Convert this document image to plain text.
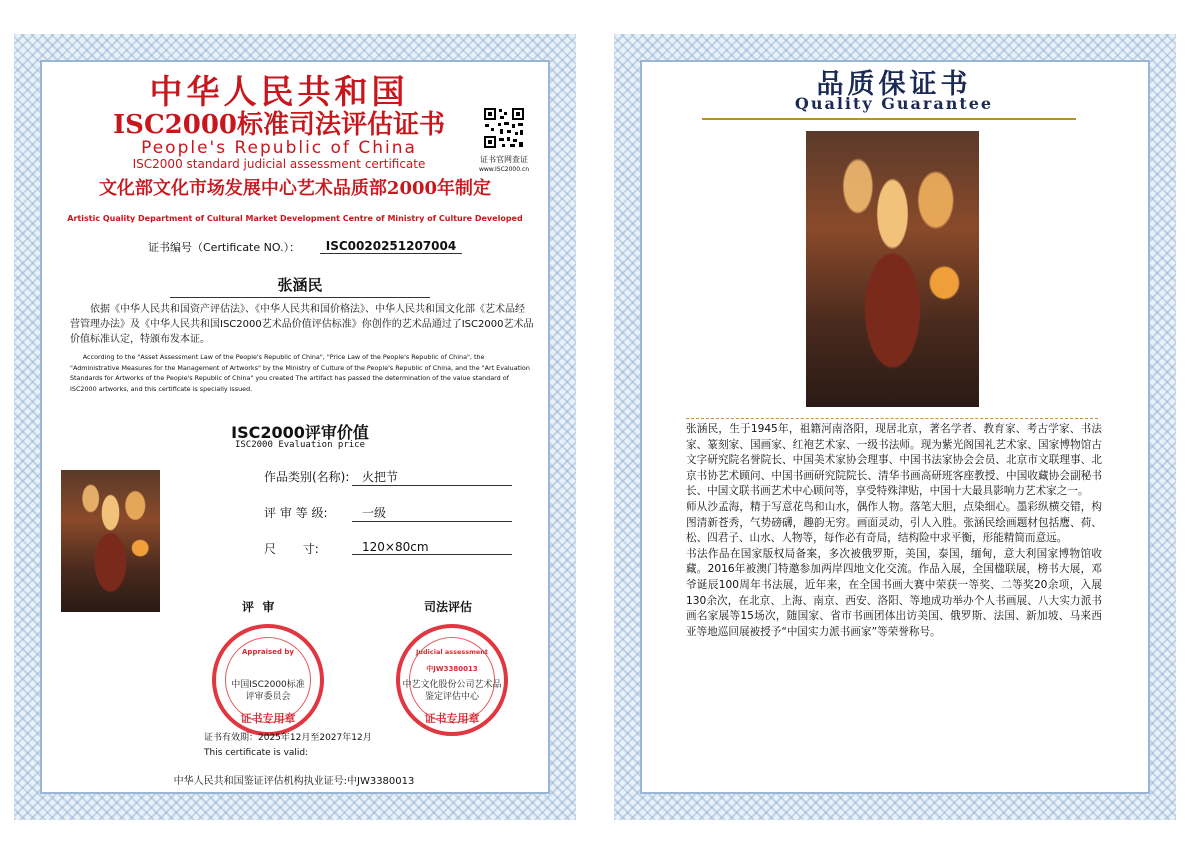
中华人民共和国
ISC2000标准司法评估证书
People's Republic of China
ISC2000 standard judicial assessment certificate	证书官网查证
www.ISC2000.cn
文化部文化市场发展中心艺术品质部2000年制定
Artistic Quality Department of Cultural Market Development Centre of Ministry of Culture Developed
证书编号（Certificate NO.）：	ISC0020251207004
张涵民
依据《中华人民共和国资产评估法》、《中华人民共和国价格法》、中华人民共和国文化部《艺术品经营管理办法》及《中华人民共和国ISC2000艺术品价值评估标准》你创作的艺术品通过了ISC2000艺术品价值标准认定，特颁布发本证。
According to the "Asset Assessment Law of the People's Republic of China", "Price Law of the People's Republic of China", the "Administrative Measures for the Management of Artworks" by the Ministry of Culture of the People's Republic of China, and the "Art Evaluation Standards for Artworks of the People's Republic of China" you created The artifact has passed the determination of the value standard of ISC2000 artworks, and this certificate is specially issued.
ISC2000评审价值
ISC2000 Evaluation price
作品类别(名称):	火把节
评 审 等 级:	一级
尺       寸:	120×80cm
评  审	司法评估
Appraised by
证书专用章
中国ISC2000标准
评审委员会
Judicial assessment
中JW3380013
证书专用章
中艺文化股份公司艺术品
鉴定评估中心
证书有效期：2025年12月至2027年12月
This certificate is valid:
中华人民共和国鉴证评估机构执业证号:中JW3380013
品质保证书
Quality Guarantee

张涵民，生于1945年，祖籍河南洛阳，现居北京，著名学者、教育家、考古学家、书法家、篆刻家、国画家、红袍艺术家、一级书法师。现为紫光阁国礼艺术家、国家博物馆古文字研究院名誉院长、中国美术家协会理事、中国书法家协会会员、北京市文联理事、北京书协艺术顾问、中国书画研究院院长、清华书画高研班客座教授、中国收藏协会副秘书长、中国文联书画艺术中心顾问等，享受特殊津贴，中国十大最具影响力艺术家之一。

师从沙孟海，精于写意花鸟和山水，偶作人物。落笔大胆，点染细心。墨彩纵横交错，构图清新苍秀，气势磅礴，趣韵无穷。画面灵动，引人入胜。张涵民绘画题材包括鹰、荷、松、四君子、山水、人物等，每作必有奇局，结构险中求平衡，形能精简而意远。

书法作品在国家版权局备案，多次被俄罗斯，美国，泰国，缅甸，意大利国家博物馆收藏。2016年被澳门特邀参加两岸四地文化交流。作品入展，全国楹联展，榜书大展，邓爷诞辰100周年书法展，近年来，在全国书画大赛中荣获一等奖、二等奖20余项，入展130余次，在北京、上海、南京、西安、洛阳、等地成功举办个人书画展、八大实力派书画名家展等15场次，随国家、省市书画团体出访美国、俄罗斯、法国、新加坡、马来西亚等地巡回展被授予“中国实力派书画家”等荣誉称号。
